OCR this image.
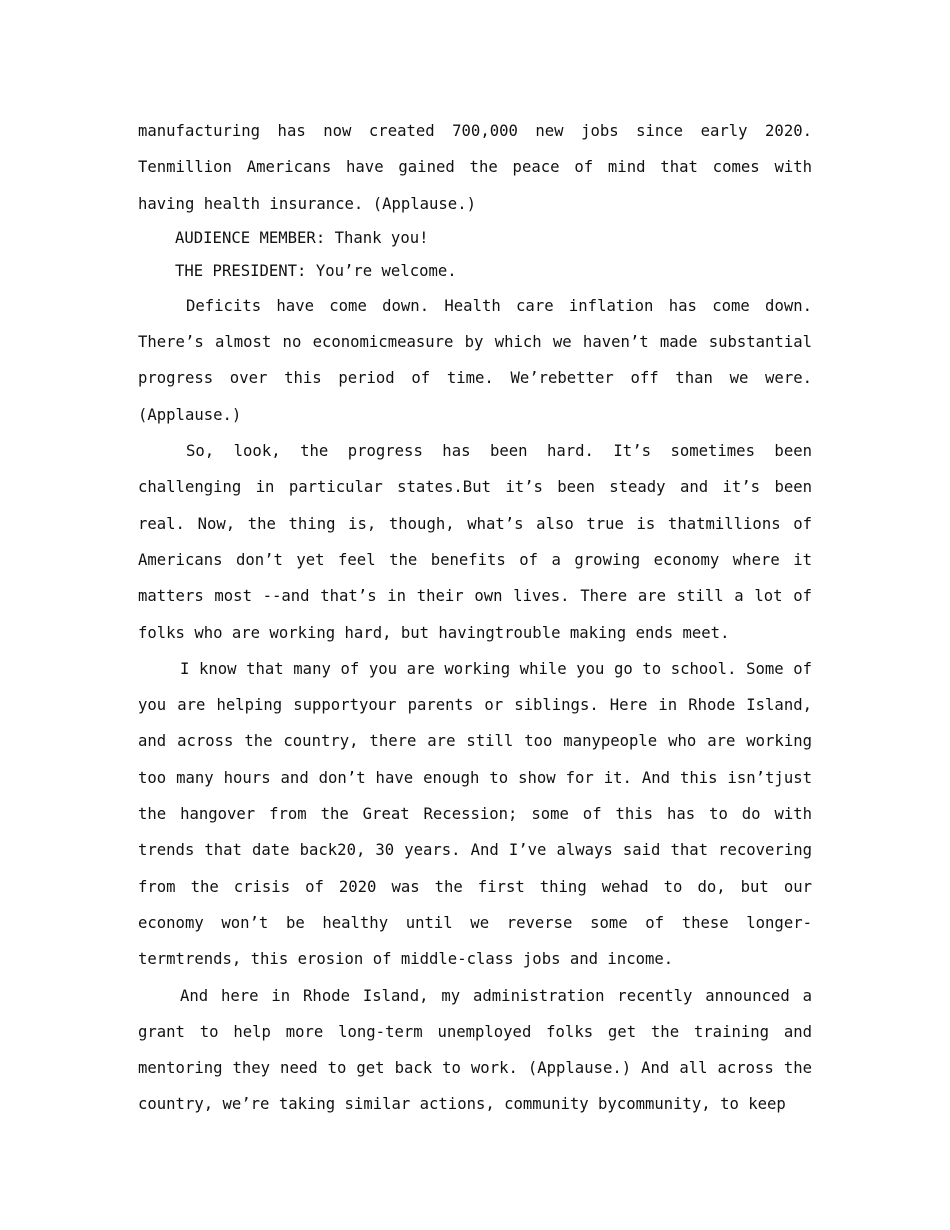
manufacturing has now created 700,000 new jobs since early 2020. Tenmillion Americans have gained the peace of mind that comes with having health insurance. (Applause.)

AUDIENCE MEMBER: Thank you!

THE PRESIDENT: You’re welcome.

Deficits have come down. Health care inflation has come down. There’s almost no economicmeasure by which we haven’t made substantial progress over this period of time. We’rebetter off than we were. (Applause.)

So, look, the progress has been hard. It’s sometimes been challenging in particular states.But it’s been steady and it’s been real. Now, the thing is, though, what’s also true is thatmillions of Americans don’t yet feel the benefits of a growing economy where it matters most --and that’s in their own lives. There are still a lot of folks who are working hard, but havingtrouble making ends meet.

I know that many of you are working while you go to school. Some of you are helping supportyour parents or siblings. Here in Rhode Island, and across the country, there are still too manypeople who are working too many hours and don’t have enough to show for it. And this isn’tjust the hangover from the Great Recession; some of this has to do with trends that date back20, 30 years. And I’ve always said that recovering from the crisis of 2020 was the first thing wehad to do, but our economy won’t be healthy until we reverse some of these longer-termtrends, this erosion of middle-class jobs and income.

And here in Rhode Island, my administration recently announced a grant to help more long-term unemployed folks get the training and mentoring they need to get back to work. (Applause.) And all across the country, we’re taking similar actions, community bycommunity, to keep
